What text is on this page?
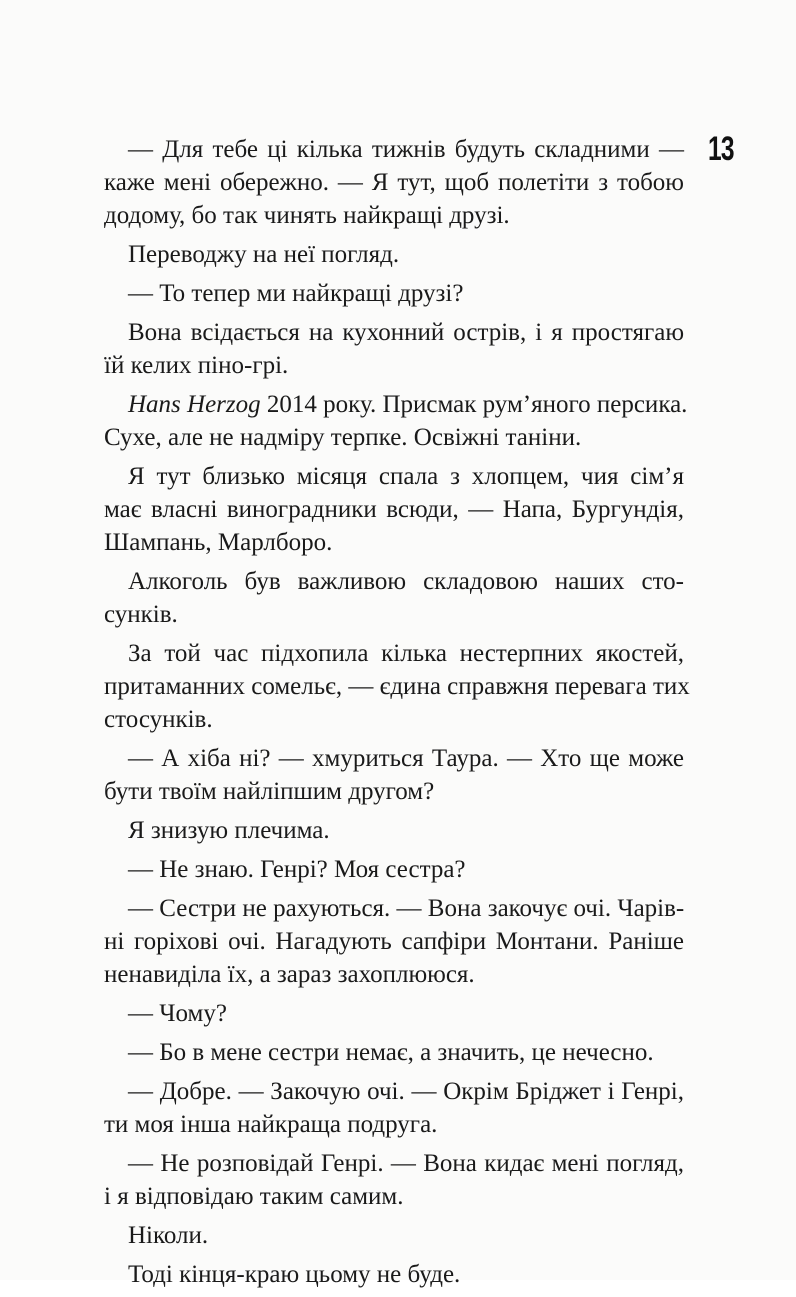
13
— Для тебе ці кілька тижнів будуть складними —
каже мені обережно. — Я тут, щоб полетіти з тобою
додому, бо так чинять найкращі друзі.
Переводжу на неї погляд.
— То тепер ми найкращі друзі?
Вона всідається на кухонний острів, і я простягаю
їй келих піно-грі.
Hans Herzog 2014 року. Присмак рум’яного персика.
Сухе, але не надміру терпке. Освіжні таніни.
Я тут близько місяця спала з хлопцем, чия сім’я
має власні виноградники всюди, — Напа, Бургундія,
Шампань, Марлборо.
Алкоголь був важливою складовою наших сто-
сунків.
За той час підхопила кілька нестерпних якостей,
притаманних сомельє, — єдина справжня перевага тих
стосунків.
— А хіба ні? — хмуриться Таура. — Хто ще може
бути твоїм найліпшим другом?
Я знизую плечима.
— Не знаю. Генрі? Моя сестра?
— Сестри не рахуються. — Вона закочує очі. Чарів-
ні горіхові очі. Нагадують сапфіри Монтани. Раніше
ненавиділа їх, а зараз захоплююся.
— Чому?
— Бо в мене сестри немає, а значить, це нечесно.
— Добре. — Закочую очі. — Окрім Бріджет і Генрі,
ти моя інша найкраща подруга.
— Не розповідай Генрі. — Вона кидає мені погляд,
і я відповідаю таким самим.
Ніколи.
Тоді кінця-краю цьому не буде.
